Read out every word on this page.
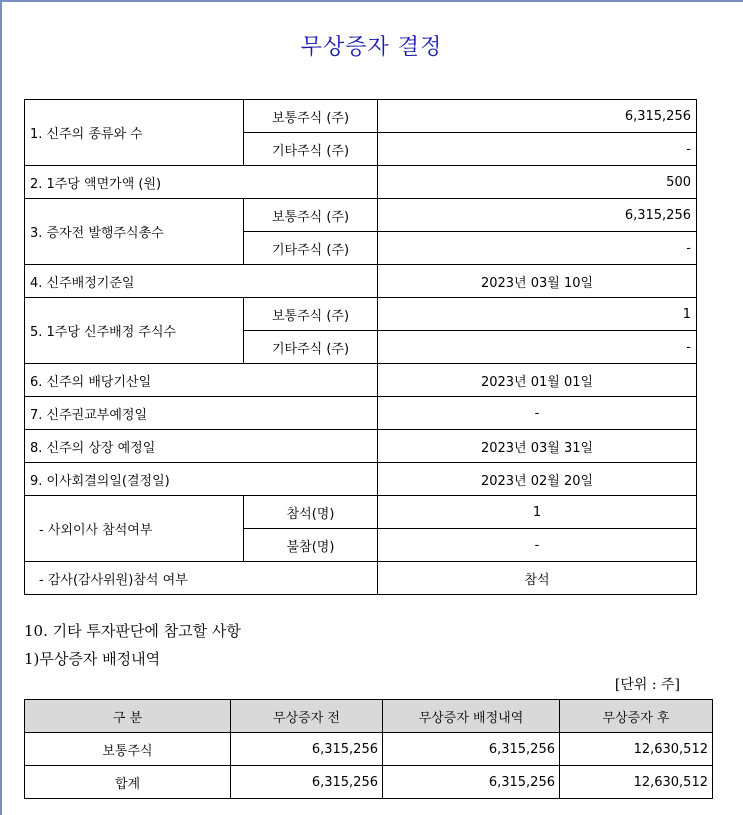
무상증자 결정
1. 신주의 종류와 수	보통주식 (주)	6,315,256
	기타주식 (주)	-
2. 1주당 액면가액 (원)		500
3. 증자전 발행주식총수	보통주식 (주)	6,315,256
	기타주식 (주)	-
4. 신주배정기준일		2023년 03월 10일
5. 1주당 신주배정 주식수	보통주식 (주)	1
	기타주식 (주)	-
6. 신주의 배당기산일		2023년 01월 01일
7. 신주권교부예정일		-
8. 신주의 상장 예정일		2023년 03월 31일
9. 이사회결의일(결정일)		2023년 02월 20일
- 사외이사 참석여부	참석(명)	1
	불참(명)	-
- 감사(감사위원)참석 여부		참석
10. 기타 투자판단에 참고할 사항
1)무상증자 배정내역
[단위 : 주]
구 분	무상증자 전	무상증자 배정내역	무상증자 후
보통주식	6,315,256	6,315,256	12,630,512
합계	6,315,256	6,315,256	12,630,512
